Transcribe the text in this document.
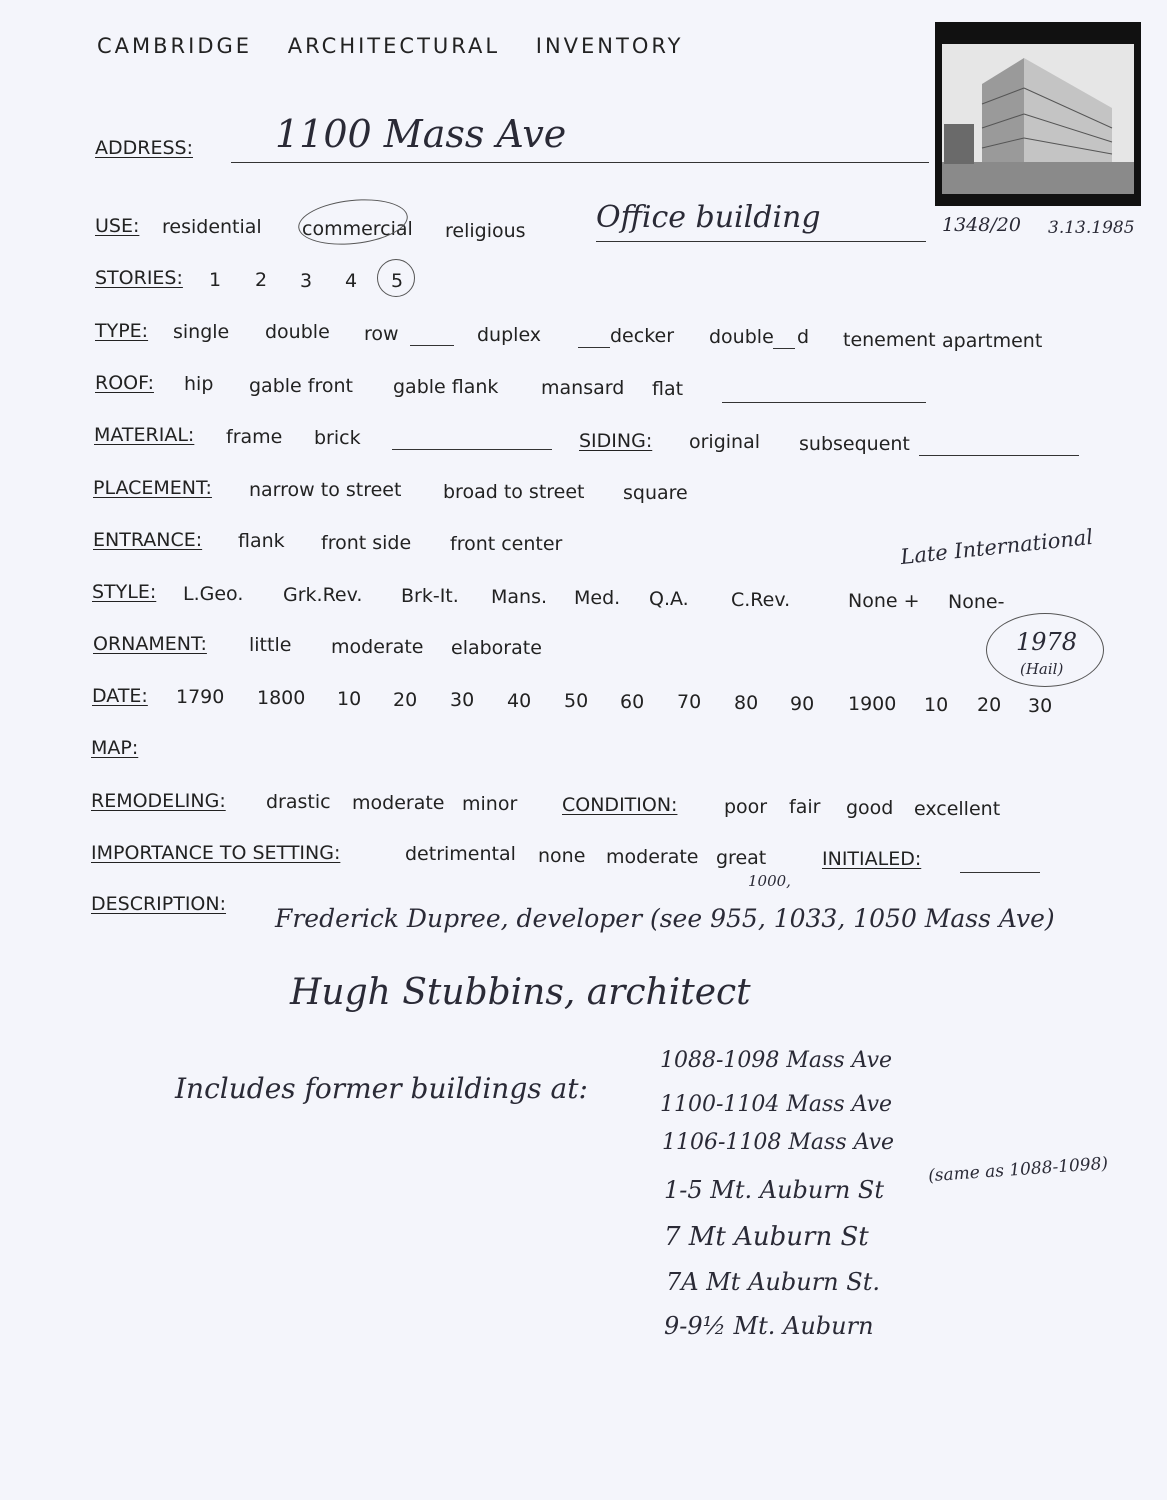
CAMBRIDGE ARCHITECTURAL INVENTORY
1348/20 3.13.1985
ADDRESS: 1100 Mass Ave
USE: residential commercial religious Office building
STORIES: 1 2 3 4 5
TYPE: single double row	duplex	decker double d tenement apartment
ROOF: hip gable front gable flank mansard flat
MATERIAL: frame brick	SIDING: original subsequent
PLACEMENT: narrow to street broad to street square
ENTRANCE: flank front side front center	Late International
STYLE: L.Geo. Grk.Rev. Brk-It. Mans. Med. Q.A. C.Rev.	None + None-
ORNAMENT: little moderate elaborate	1978
(Hail)
DATE: 1790 1800 10 20 30 40 50 60 70 80 90 1900 10 20 30
MAP:
REMODELING: drastic moderate minor CONDITION: poor fair good excellent
IMPORTANCE TO SETTING:	detrimental none moderate great	INITIALED:
DESCRIPTION:
1000,
Frederick Dupree, developer (see 955, 1033, 1050 Mass Ave)
Hugh Stubbins, architect
Includes former buildings at:
1088-1098 Mass Ave
1100-1104 Mass Ave
1106-1108 Mass Ave
1-5 Mt. Auburn St
(same as 1088-1098)
7 Mt Auburn St
7A Mt Auburn St.
9-9½ Mt. Auburn
